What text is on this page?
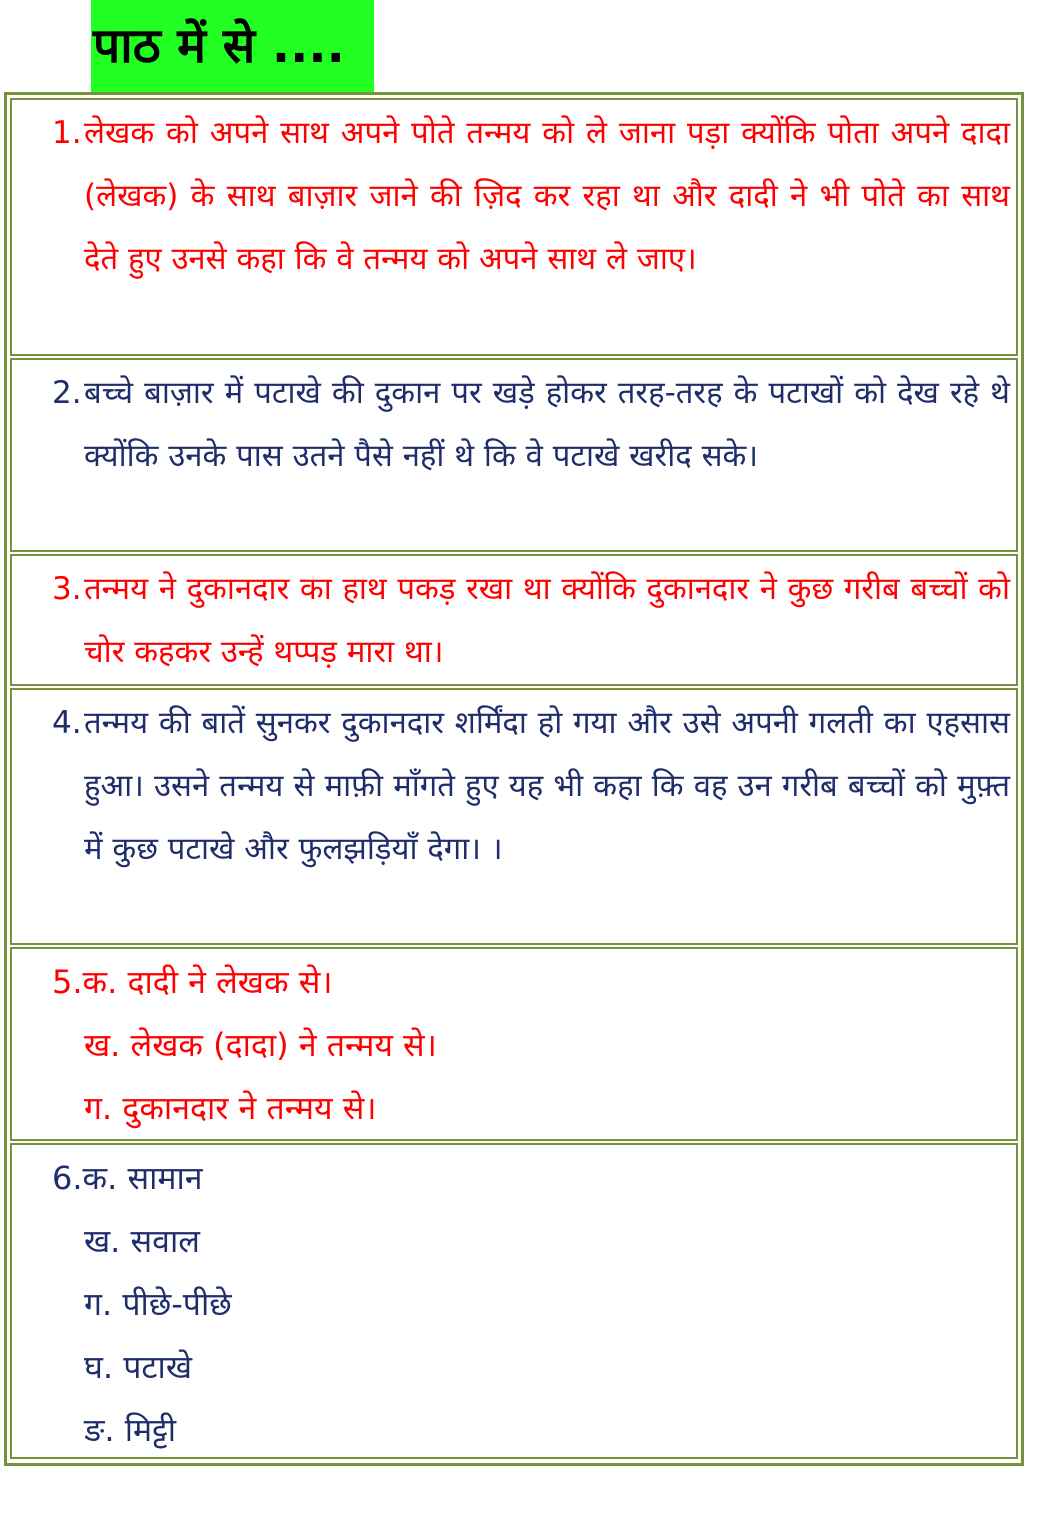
पाठ में से ....
1. लेखक को अपने साथ अपने पोते तन्मय को ले जाना पड़ा क्योंकि पोता अपने दादा (लेखक) के साथ बाज़ार जाने की ज़िद कर रहा था और दादी ने भी पोते का साथ देते हुए उनसे कहा कि वे तन्मय को अपने साथ ले जाए।
2. बच्चे बाज़ार में पटाखे की दुकान पर खड़े होकर तरह-तरह के पटाखों को देख रहे थे क्योंकि उनके पास उतने पैसे नहीं थे कि वे पटाखे खरीद सके।
3. तन्मय ने दुकानदार का हाथ पकड़ रखा था क्योंकि दुकानदार ने कुछ गरीब बच्चों को चोर कहकर उन्हें थप्पड़ मारा था।
4. तन्मय की बातें सुनकर दुकानदार शर्मिंदा हो गया और उसे अपनी गलती का एहसास हुआ। उसने तन्मय से माफ़ी माँगते हुए यह भी कहा कि वह उन गरीब बच्चों को मुफ़्त में कुछ पटाखे और फुलझड़ियाँ देगा। ।
5.क. दादी ने लेखक से।
ख. लेखक (दादा) ने तन्मय से।
ग. दुकानदार ने तन्मय से।
6.क. सामान
ख. सवाल
ग. पीछे-पीछे
घ. पटाखे
ङ. मिट्टी
